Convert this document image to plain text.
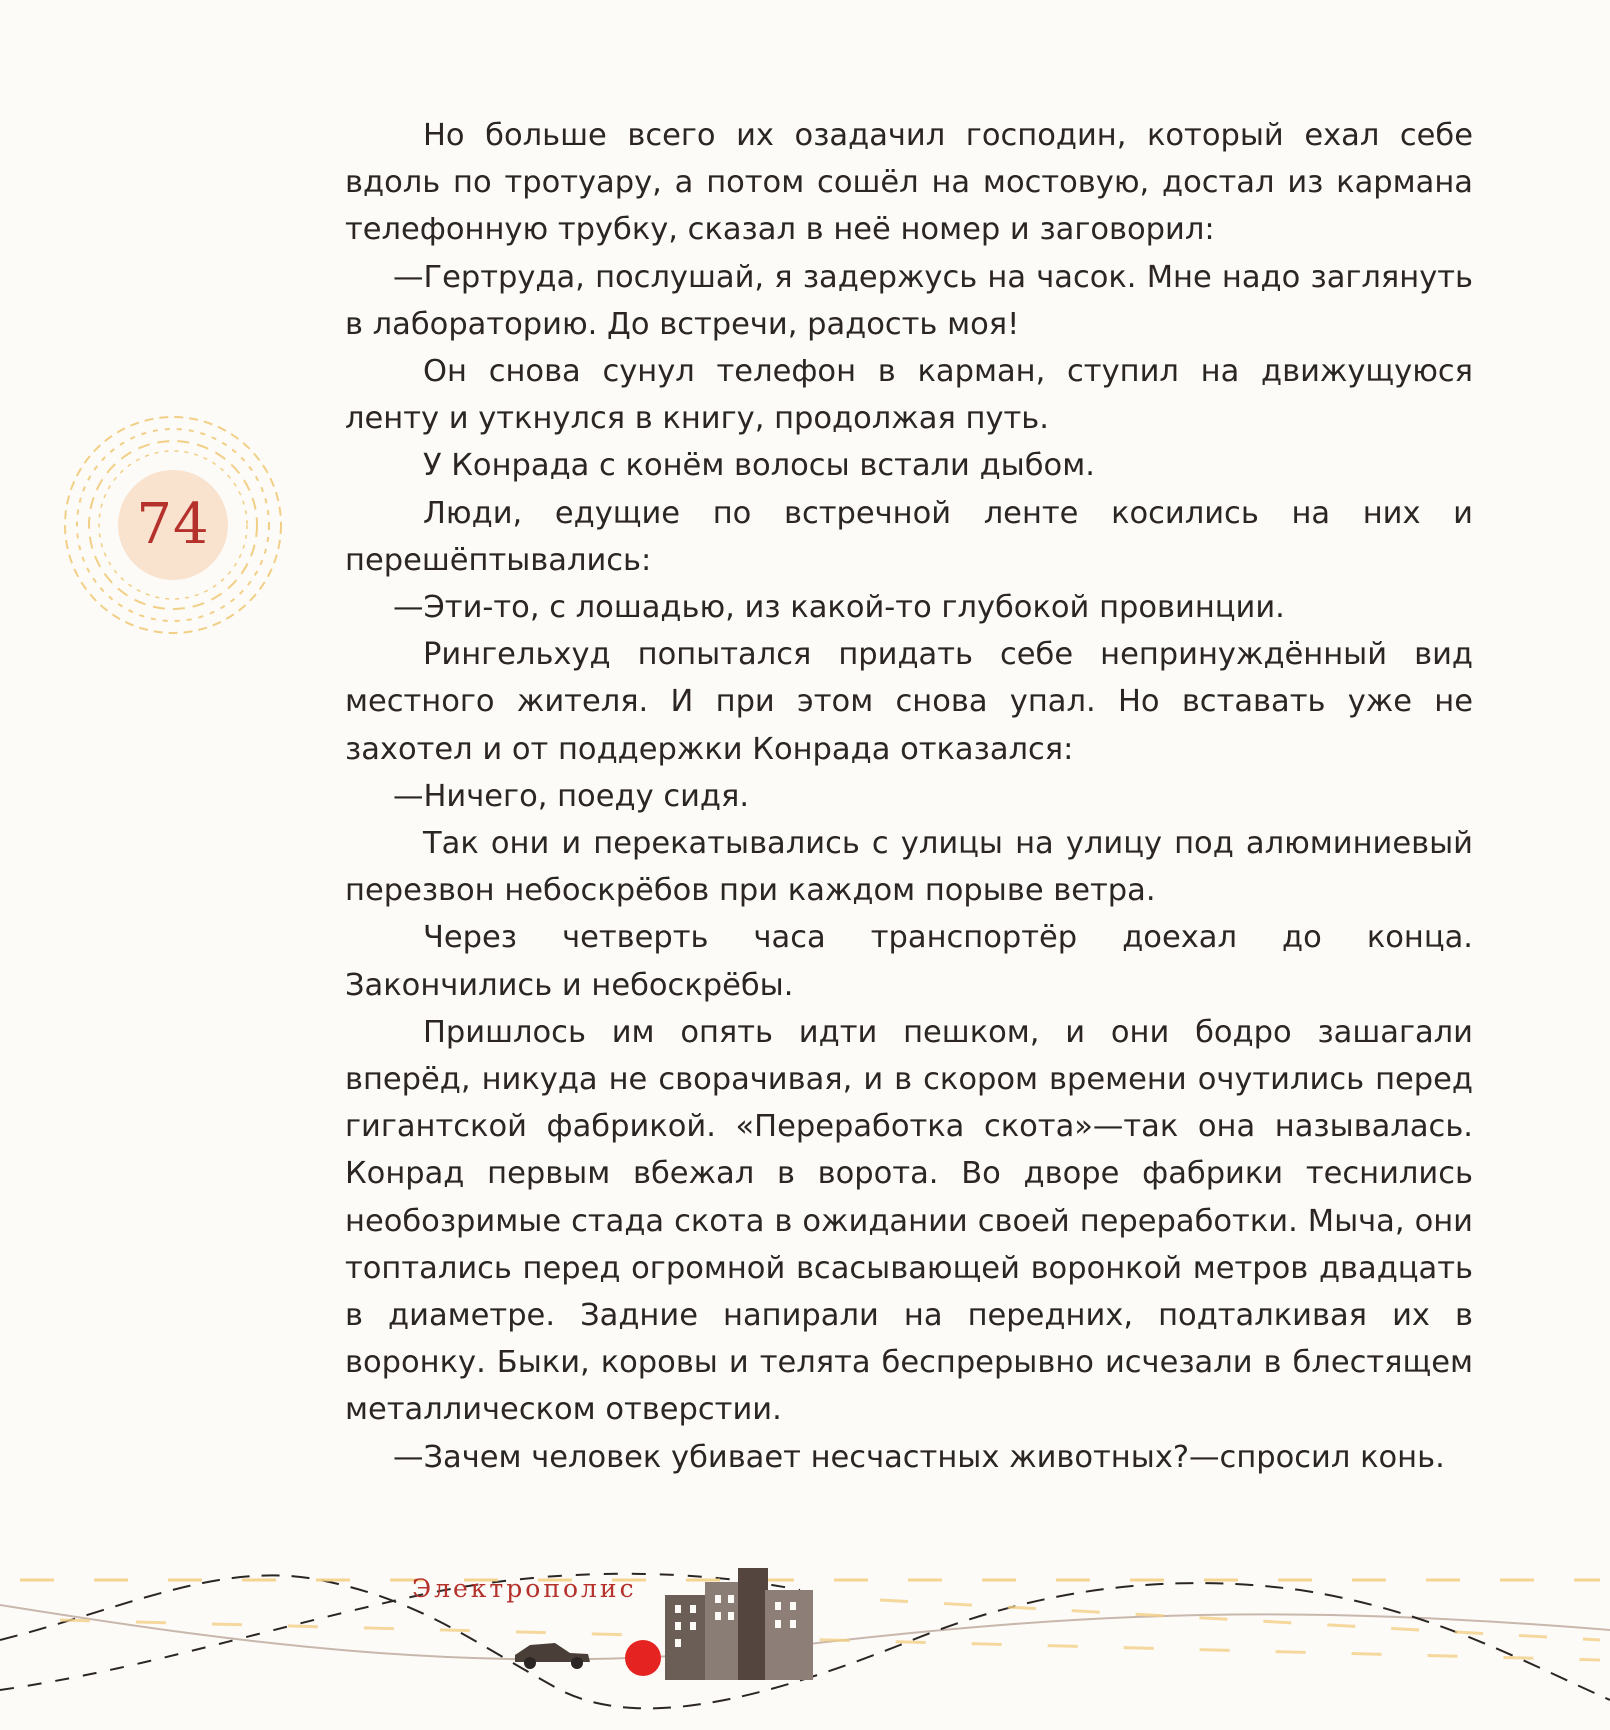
74

Но больше всего их озадачил господин, который ехал себе вдоль по тротуару, а потом сошёл на мостовую, достал из кармана телефонную трубку, сказал в неё номер и заговорил:

—Гертруда, послушай, я задержусь на часок. Мне надо заглянуть в лабораторию. До встречи, радость моя!

Он снова сунул телефон в карман, ступил на движущуюся ленту и уткнулся в книгу, продолжая путь.

У Конрада с конём волосы встали дыбом.

Люди, едущие по встречной ленте косились на них и перешёптывались:

—Эти-то, с лошадью, из какой-то глубокой провинции.

Рингельхуд попытался придать себе непринуждённый вид местного жителя. И при этом снова упал. Но вставать уже не захотел и от поддержки Конрада отказался:

—Ничего, поеду сидя.

Так они и перекатывались с улицы на улицу под алюминиевый перезвон небоскрёбов при каждом порыве ветра.

Через четверть часа транспортёр доехал до конца. Закончились и небоскрёбы.

Пришлось им опять идти пешком, и они бодро зашагали вперёд, никуда не сворачивая, и в скором времени очутились перед гигантской фабрикой. «Переработка скота»—так она называлась. Конрад первым вбежал в ворота. Во дворе фабрики теснились необозримые стада скота в ожидании своей переработки. Мыча, они топтались перед огромной всасывающей воронкой метров двадцать в диаметре. Задние напирали на передних, подталкивая их в воронку. Быки, коровы и телята беспрерывно исчезали в блестящем металлическом отверстии.

—Зачем человек убивает несчастных животных?—спросил конь.

Электрополис
